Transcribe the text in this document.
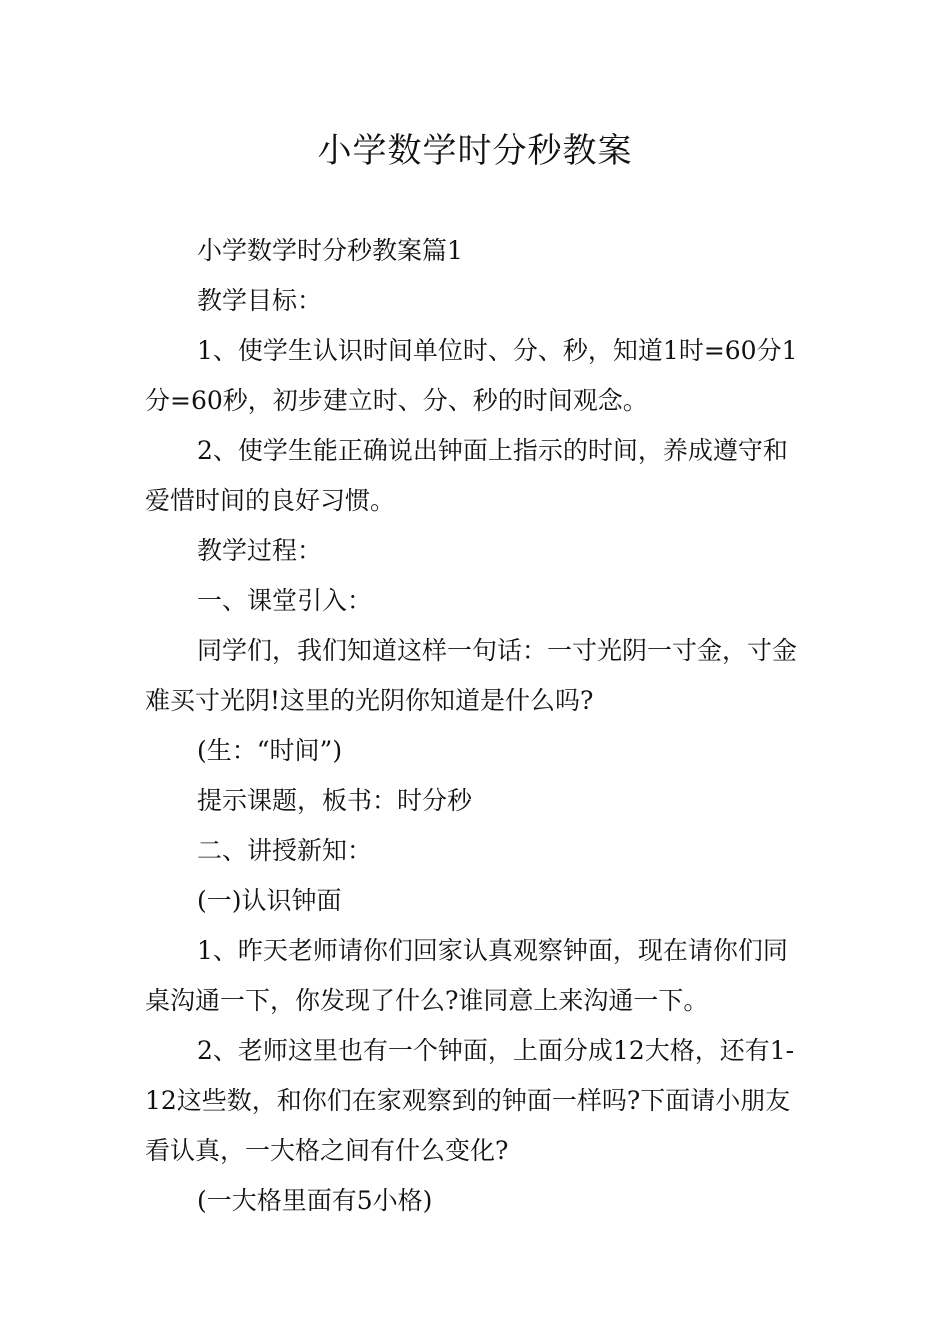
小学数学时分秒教案

小学数学时分秒教案篇1

教学目标：

1、使学生认识时间单位时、分、秒，知道1时=60分1分=60秒，初步建立时、分、秒的时间观念。

2、使学生能正确说出钟面上指示的时间，养成遵守和爱惜时间的良好习惯。

教学过程：

一、课堂引入：

同学们，我们知道这样一句话：一寸光阴一寸金，寸金难买寸光阴!这里的光阴你知道是什么吗?

(生：“时间”)

提示课题，板书：时分秒

二、讲授新知：

(一)认识钟面

1、昨天老师请你们回家认真观察钟面，现在请你们同桌沟通一下，你发现了什么?谁同意上来沟通一下。

2、老师这里也有一个钟面，上面分成12大格，还有1-12这些数，和你们在家观察到的钟面一样吗?下面请小朋友看认真，一大格之间有什么变化?

(一大格里面有5小格)
